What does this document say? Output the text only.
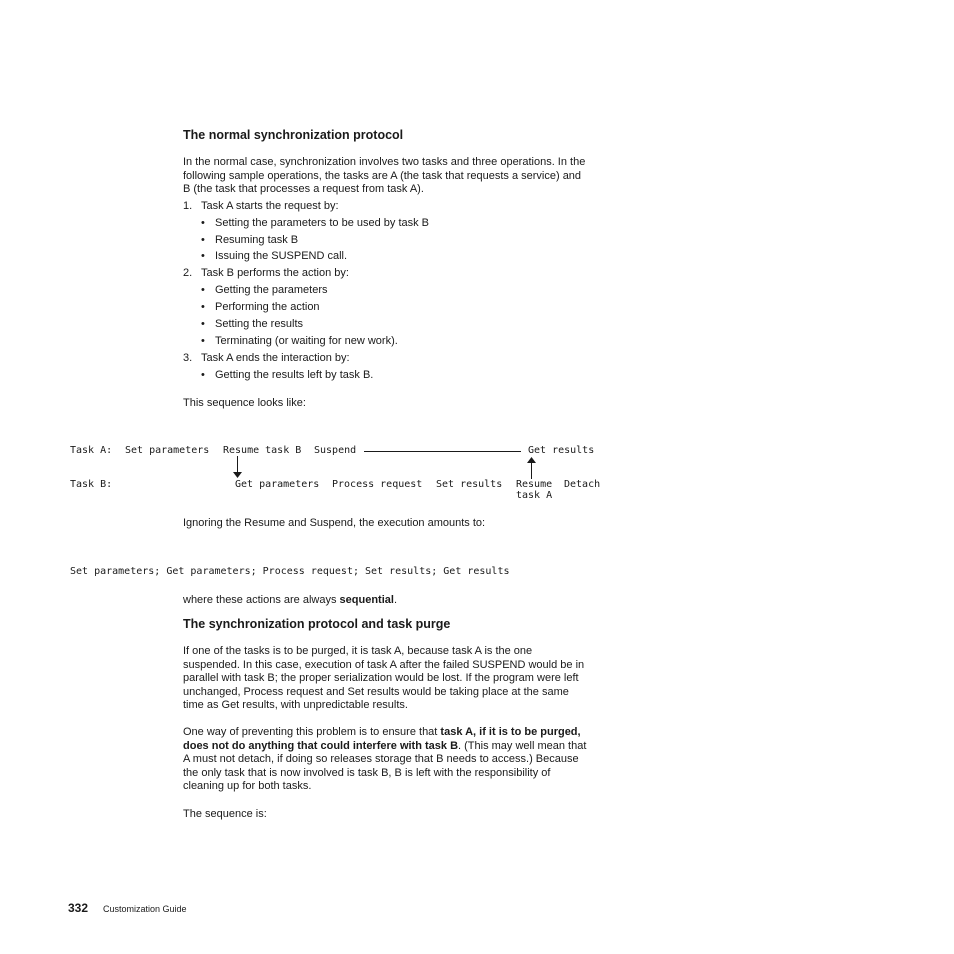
The normal synchronization protocol

In the normal case, synchronization involves two tasks and three operations. In the

following sample operations, the tasks are A (the task that requests a service) and

B (the task that processes a request from task A).

1. Task A starts the request by:
• Setting the parameters to be used by task B
• Resuming task B
• Issuing the SUSPEND call.
2. Task B performs the action by:
• Getting the parameters
• Performing the action
• Setting the results
• Terminating (or waiting for new work).
3. Task A ends the interaction by:
• Getting the results left by task B.

This sequence looks like:

Task A: Set parameters Resume task B Suspend	Get results
Task B:	Get parameters Process request Set results Resume
task A
Detach

Ignoring the Resume and Suspend, the execution amounts to:

Set parameters; Get parameters; Process request; Set results; Get results

where these actions are always sequential.

The synchronization protocol and task purge

If one of the tasks is to be purged, it is task A, because task A is the one

suspended. In this case, execution of task A after the failed SUSPEND would be in

parallel with task B; the proper serialization would be lost. If the program were left

unchanged, Process request and Set results would be taking place at the same

time as Get results, with unpredictable results.

One way of preventing this problem is to ensure that task A, if it is to be purged,

does not do anything that could interfere with task B. (This may well mean that

A must not detach, if doing so releases storage that B needs to access.) Because

the only task that is now involved is task B, B is left with the responsibility of

cleaning up for both tasks.

The sequence is:

332 Customization Guide
